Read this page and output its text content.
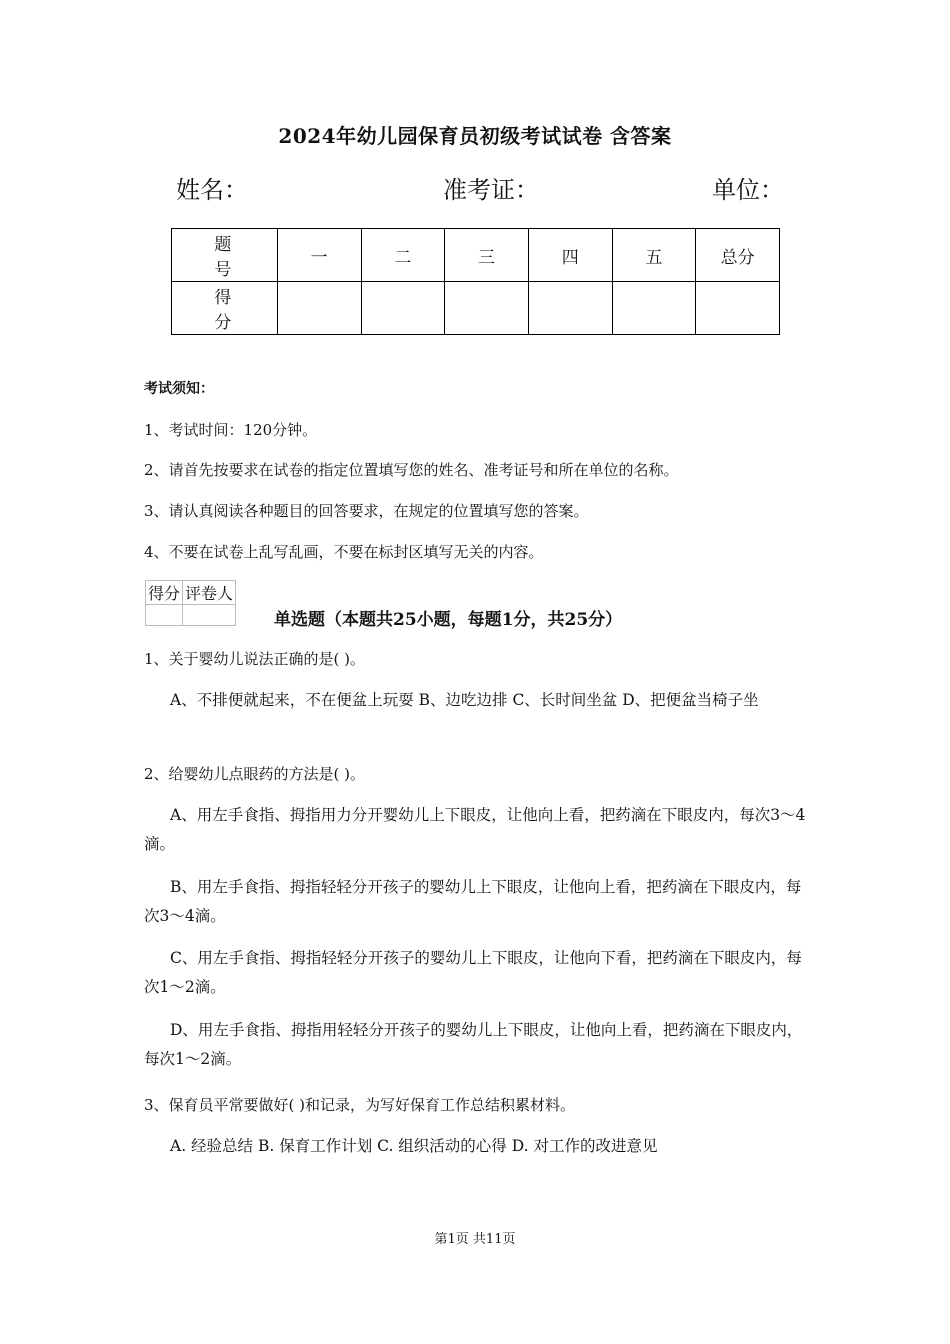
2024年幼儿园保育员初级考试试卷 含答案
姓名：	准考证：	单位：
题　号	一	二	三	四	五	总分
得　分						
考试须知：
1、考试时间：120分钟。
2、请首先按要求在试卷的指定位置填写您的姓名、准考证号和所在单位的名称。
3、请认真阅读各种题目的回答要求，在规定的位置填写您的答案。
4、不要在试卷上乱写乱画，不要在标封区填写无关的内容。
得分	评卷人

单选题（本题共25小题，每题1分，共25分）
1、关于婴幼儿说法正确的是( )。
A、不排便就起来，不在便盆上玩耍 B、边吃边排 C、长时间坐盆 D、把便盆当椅子坐
2、给婴幼儿点眼药的方法是( )。
A、用左手食指、拇指用力分开婴幼儿上下眼皮，让他向上看，把药滴在下眼皮内，每次3～4滴。
B、用左手食指、拇指轻轻分开孩子的婴幼儿上下眼皮，让他向上看，把药滴在下眼皮内，每次3～4滴。
C、用左手食指、拇指轻轻分开孩子的婴幼儿上下眼皮，让他向下看，把药滴在下眼皮内，每次1～2滴。
D、用左手食指、拇指用轻轻分开孩子的婴幼儿上下眼皮，让他向上看，把药滴在下眼皮内，每次1～2滴。
3、保育员平常要做好( )和记录，为写好保育工作总结积累材料。
A. 经验总结 B. 保育工作计划 C. 组织活动的心得 D. 对工作的改进意见
第1页 共11页
